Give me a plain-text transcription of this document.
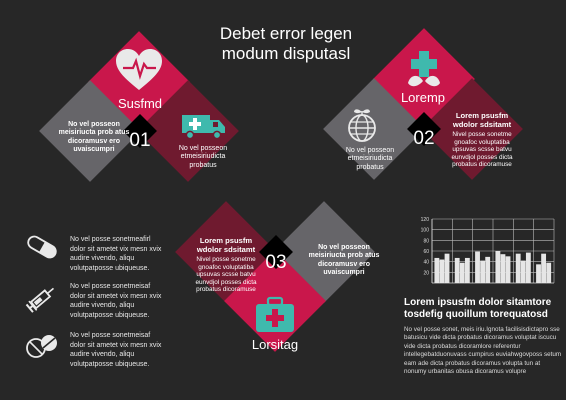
Debet error legen
modum disputasl
Susfmd
No vel posseon meisiriucta prob atus dicoramusv ero uvaiscumpri 01	No vel posseon etmeisiriudicta probatus
Loremp
No vel posseon etmeisiriudicta probatus
02
Lorem psusfm wdolor sdsitamt
Nivel posse sonetme gnoafoc voluptatiba upsuvas scsse batvu eunvdjol posses dicta probatus dicoramuse
Lorem psusfm wdolor sdsitamt
Nivel posse sonetme gnoafoc voluptatiba upsuvas scsse batvu eunvdjol posses dicta probatus dicoramuse
03
No vel posseon meisiriucta prob atus dicoramusv ero uvaiscumpri
Lorsitag
No vel posse sonetmeafirl dolor sit ametet vix mesn xvix audire vivendo, aliqu volutpatposse ubiqueuse.
No vel posse sonetmeisaf dolor sit ametet vix mesn xvix audire vivendo, aliqu volutpatposse ubiqueuse.
No vel posse sonetmeisaf dolor sit ametet vix mesn xvix audire vivendo, aliqu volutpatposse ubiqueuse.
20
40
60
80
100
120
Lorem ipsusfm dolor sitamtore
tosdefig quoillum torequatosd
No vel posse sonet, meis iriu.Ignota facilisisdictapro sse batusicu vide dicta probatus dicoramus voluptat iscucu vide dicta probatus dicoramlore referentur intellegebatduonuvass cumpirus euviahwgovposs setum eam ade dicta probatus dicoramus volupta tun at nonumy urbanitas obusa dicoramus volupre
